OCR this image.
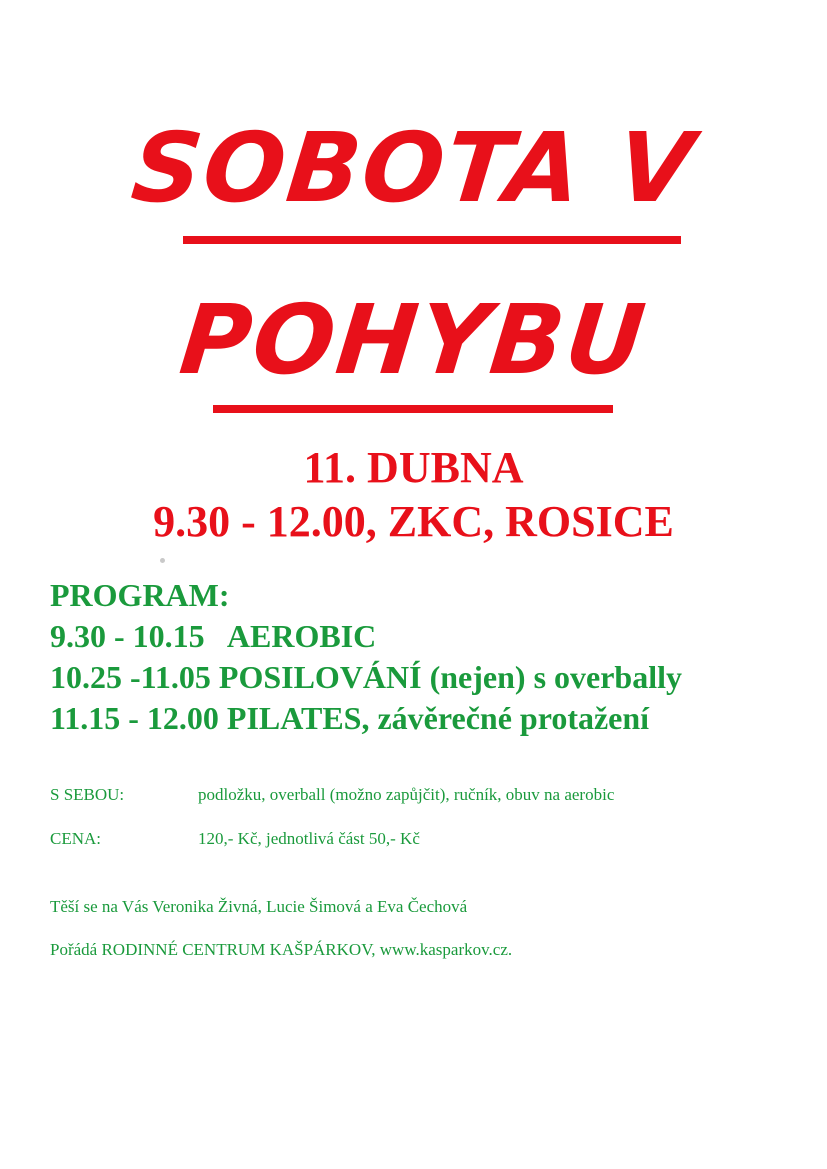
SOBOTA V
POHYBU
11. DUBNA
9.30 - 12.00, ZKC, ROSICE
PROGRAM:
9.30 - 10.15 AEROBIC
10.25 -11.05 POSILOVÁNÍ (nejen) s overbally
11.15 - 12.00 PILATES, závěrečné protažení
S SEBOU:	podložku, overball (možno zapůjčit), ručník, obuv na aerobic
CENA:	120,- Kč, jednotlivá část 50,- Kč
Těší se na Vás Veronika Živná, Lucie Šimová a Eva Čechová
Pořádá RODINNÉ CENTRUM KAŠPÁRKOV, www.kasparkov.cz.
